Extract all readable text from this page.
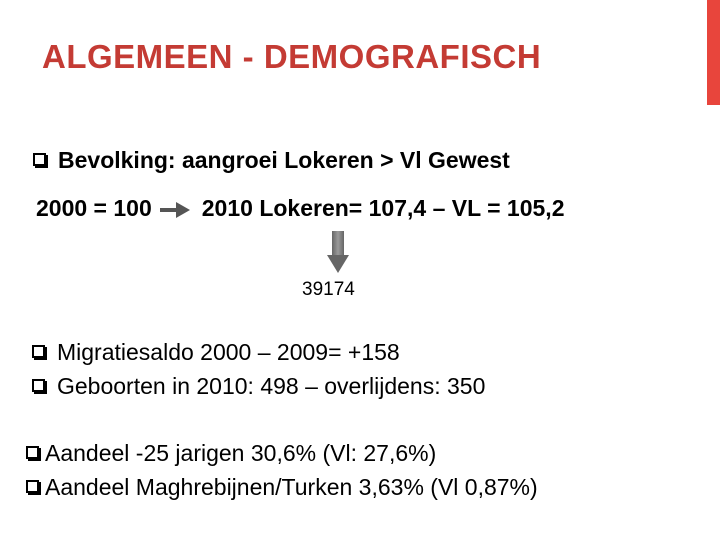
ALGEMEEN - DEMOGRAFISCH
Bevolking: aangroei Lokeren > Vl Gewest
2000 = 100 2010 Lokeren= 107,4 – VL = 105,2
39174
Migratiesaldo 2000 – 2009= +158
Geboorten in 2010: 498 – overlijdens: 350
Aandeel -25 jarigen 30,6% (Vl: 27,6%)
Aandeel Maghrebijnen/Turken 3,63% (Vl 0,87%)
